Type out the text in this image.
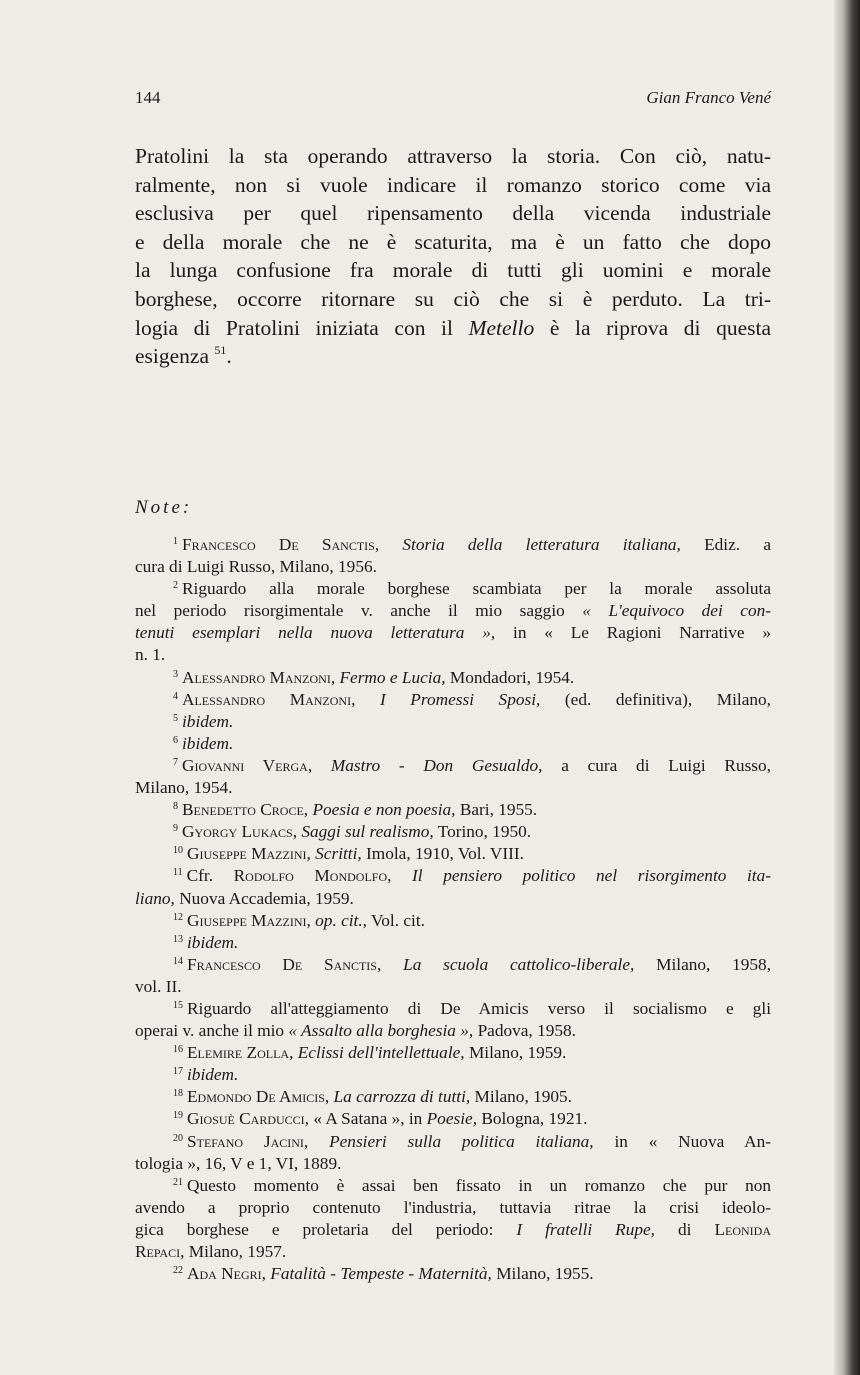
144	Gian Franco Vené
Pratolini la sta operando attraverso la storia. Con ciò, natu-
ralmente, non si vuole indicare il romanzo storico come via
esclusiva per quel ripensamento della vicenda industriale
e della morale che ne è scaturita, ma è un fatto che dopo
la lunga confusione fra morale di tutti gli uomini e morale
borghese, occorre ritornare su ciò che si è perduto. La tri-
logia di Pratolini iniziata con il Metello è la riprova di questa
esigenza $^{51}$.
Note:
$^1$ Francesco De Sanctis, Storia della letteratura italiana, Ediz. a
cura di Luigi Russo, Milano, 1956.
$^2$ Riguardo alla morale borghese scambiata per la morale assoluta
nel periodo risorgimentale v. anche il mio saggio « L'equivoco dei con-
tenuti esemplari nella nuova letteratura », in « Le Ragioni Narrative »
n. 1.
$^3$ Alessandro Manzoni, Fermo e Lucia, Mondadori, 1954.
$^4$ Alessandro Manzoni, I Promessi Sposi, (ed. definitiva), Milano,
$^5$ ibidem.
$^6$ ibidem.
$^7$ Giovanni Verga, Mastro - Don Gesualdo, a cura di Luigi Russo,
Milano, 1954.
$^8$ Benedetto Croce, Poesia e non poesia, Bari, 1955.
$^9$ Gyorgy Lukacs, Saggi sul realismo, Torino, 1950.
$^{10}$ Giuseppe Mazzini, Scritti, Imola, 1910, Vol. VIII.
$^{11}$ Cfr. Rodolfo Mondolfo, Il pensiero politico nel risorgimento ita-
liano, Nuova Accademia, 1959.
$^{12}$ Giuseppe Mazzini, op. cit., Vol. cit.
$^{13}$ ibidem.
$^{14}$ Francesco De Sanctis, La scuola cattolico-liberale, Milano, 1958,
vol. II.
$^{15}$ Riguardo all'atteggiamento di De Amicis verso il socialismo e gli
operai v. anche il mio « Assalto alla borghesia », Padova, 1958.
$^{16}$ Elemire Zolla, Eclissi dell'intellettuale, Milano, 1959.
$^{17}$ ibidem.
$^{18}$ Edmondo De Amicis, La carrozza di tutti, Milano, 1905.
$^{19}$ Giosuè Carducci, « A Satana », in Poesie, Bologna, 1921.
$^{20}$ Stefano Jacini, Pensieri sulla politica italiana, in « Nuova An-
tologia », 16, V e 1, VI, 1889.
$^{21}$ Questo momento è assai ben fissato in un romanzo che pur non
avendo a proprio contenuto l'industria, tuttavia ritrae la crisi ideolo-
gica borghese e proletaria del periodo: I fratelli Rupe, di Leonida
Repaci, Milano, 1957.
$^{22}$ Ada Negri, Fatalità - Tempeste - Maternità, Milano, 1955.
